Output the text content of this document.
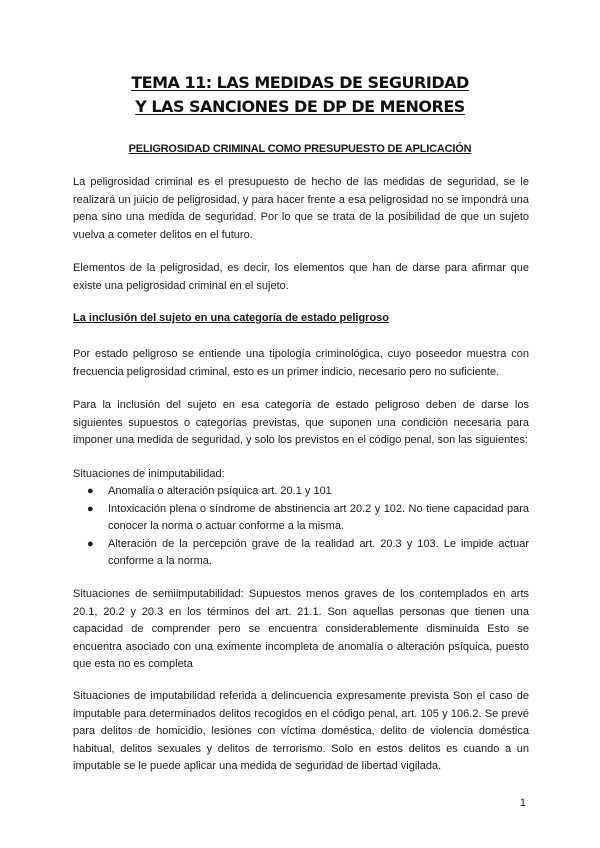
TEMA 11: LAS MEDIDAS DE SEGURIDAD
Y LAS SANCIONES DE DP DE MENORES
PELIGROSIDAD CRIMINAL COMO PRESUPUESTO DE APLICACIÓN

La peligrosidad criminal es el presupuesto de hecho de las medidas de seguridad, se le realizará un juicio de peligrosidad, y para hacer frente a esa peligrosidad no se impondrá una pena sino una medida de seguridad. Por lo que se trata de la posibilidad de que un sujeto vuelva a cometer delitos en el futuro.

Elementos de la peligrosidad, es decir, los elementos que han de darse para afirmar que existe una peligrosidad criminal en el sujeto.

La inclusión del sujeto en una categoría de estado peligroso

Por estado peligroso se entiende una tipología criminológica, cuyo poseedor muestra con frecuencia peligrosidad criminal, esto es un primer indicio, necesario pero no suficiente.

Para la inclusión del sujeto en esa categoría de estado peligroso deben de darse los siguientes supuestos o categorías previstas, que suponen una condición necesaria para imponer una medida de seguridad, y solo los previstos en el código penal, son las siguientes:

Situaciones de inimputabilidad:

● Anomalía o alteración psíquica art. 20.1 y 101
● Intoxicación plena o síndrome de abstinencia art 20.2 y 102. No tiene capacidad para conocer la norma o actuar conforme a la misma.
● Alteración de la percepción grave de la realidad art. 20.3 y 103. Le impide actuar conforme a la norma.

Situaciones de semiimputabilidad: Supuestos menos graves de los contemplados en arts 20.1, 20.2 y 20.3 en los términos del art. 21.1. Son aquellas personas que tienen una capacidad de comprender pero se encuentra considerablemente disminuida Esto se encuentra asociado con una eximente incompleta de anomalía o alteración psíquica, puesto que esta no es completa

Situaciones de imputabilidad referida a delincuencia expresamente prevista Son el caso de imputable para determinados delitos recogidos en el código penal, art. 105 y 106.2. Se prevé para delitos de homicidio, lesiones con víctima doméstica, delito de violencia doméstica habitual, delitos sexuales y delitos de terrorismo. Solo en estos delitos es cuando a un imputable se le puede aplicar una medida de seguridad de libertad vigilada.

1
